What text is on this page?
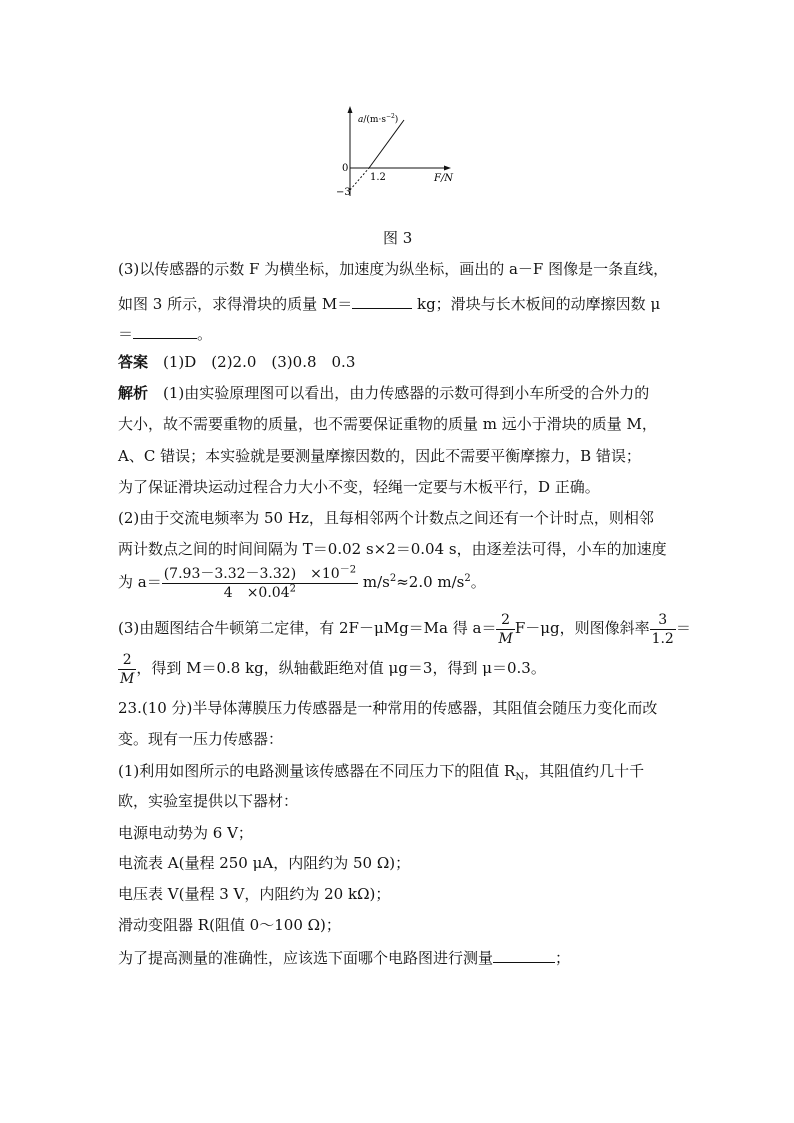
$a/(m\cdot s^{-2})$
0
−3
1.2	F/N
图 3
(3)以传感器的示数 F 为横坐标，加速度为纵坐标，画出的 a－F 图像是一条直线，
如图 3 所示，求得滑块的质量 M＝	kg；滑块与长木板间的动摩擦因数 μ
＝	。
答案　 (1)D　(2)2.0　(3)0.8　0.3
解析　 (1)由实验原理图可以看出，由力传感器的示数可得到小车所受的合外力的
大小，故不需要重物的质量，也不需要保证重物的质量 m 远小于滑块的质量 M，
A、C 错误；本实验就是要测量摩擦因数的，因此不需要平衡摩擦力，B 错误；
为了保证滑块运动过程合力大小不变，轻绳一定要与木板平行，D 正确。
(2)由于交流电频率为 50 Hz，且每相邻两个计数点之间还有一个计时点，则相邻
两计数点之间的时间间隔为 T＝0.02 s×2＝0.04 s，由逐差法可得，小车的加速度
为 $a= \frac{(7.93-3.32-3.32) \times 10^{-2}}{4 \times 0.04^2} m/s^2\approx 2.0$ $m/s^2$。
(3)由题图结合牛顿第二定律，有 2F－μMg＝Ma 得 $a= \frac{2}{M} F-\mu g$，则图像斜率 $\frac{3}{1.2}$ ＝
$\frac{2}{M}$ ，得到 M＝0.8 kg，纵轴截距绝对值 μg＝3，得到 μ＝0.3。
23.(10 分)半导体薄膜压力传感器是一种常用的传感器，其阻值会随压力变化而改
变。现有一压力传感器：
(1)利用如图所示的电路测量该传感器在不同压力下的阻值 $R_N$，其阻值约几十千
欧，实验室提供以下器材：
电源电动势为 6 V；
电流表 A(量程 250 μA，内阻约为 50 Ω)；
电压表 V(量程 3 V，内阻约为 20 kΩ)；
滑动变阻器 R(阻值 0～100 Ω)；
为了提高测量的准确性，应该选下面哪个电路图进行测量	；
